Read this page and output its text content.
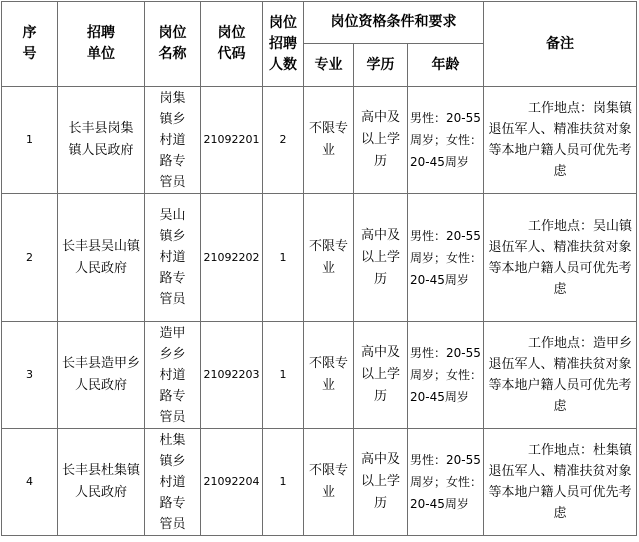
序号	招聘单位	岗位名称	岗位代码	岗位招聘人数	岗位资格条件和要求			备注
					专业	学历	年龄	
1	长丰县岗集镇人民政府	岗集镇乡村道路专管员	21092201	2	不限专业	高中及以上学历	男性：20-55周岁；女性：20-45周岁	工作地点：岗集镇
退伍军人、精准扶贫对象等本地户籍人员可优先考虑

2	长丰县吴山镇人民政府	吴山镇乡村道路专管员	21092202	1	不限专业	高中及以上学历	男性：20-55周岁；女性：20-45周岁	工作地点：吴山镇
退伍军人、精准扶贫对象等本地户籍人员可优先考虑

3	长丰县造甲乡人民政府	造甲乡乡村道路专管员	21092203	1	不限专业	高中及以上学历	男性：20-55周岁；女性：20-45周岁	工作地点：造甲乡
退伍军人、精准扶贫对象等本地户籍人员可优先考虑

4	长丰县杜集镇人民政府	杜集镇乡村道路专管员	21092204	1	不限专业	高中及以上学历	男性：20-55周岁；女性：20-45周岁	工作地点：杜集镇
退伍军人、精准扶贫对象等本地户籍人员可优先考虑
